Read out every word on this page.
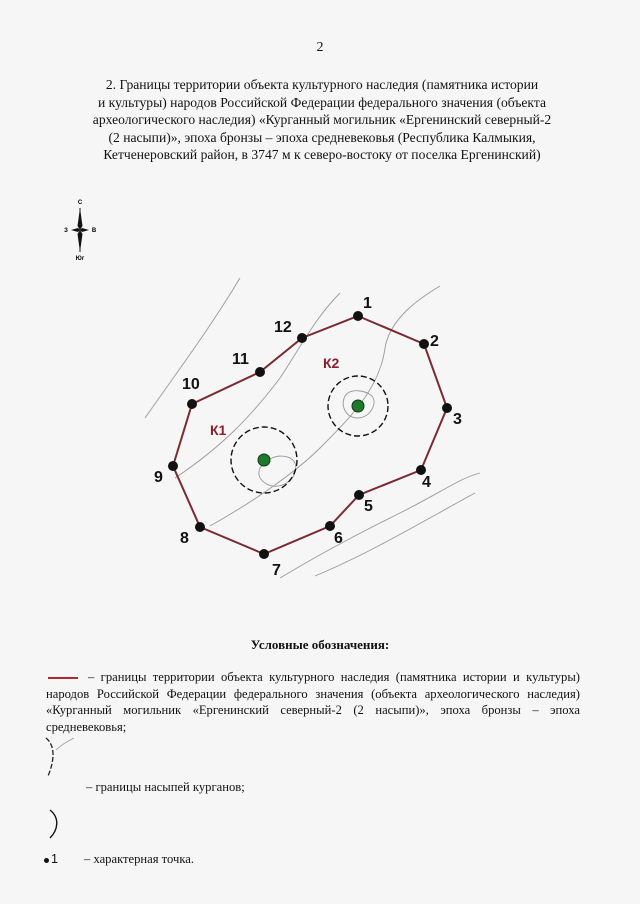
2
2. Границы территории объекта культурного наследия (памятника истории
и культуры) народов Российской Федерации федерального значения (объекта
археологического наследия) «Курганный могильник «Ергенинский северный-2
(2 насыпи)», эпоха бронзы – эпоха средневековья (Республика Калмыкия,
Кетченеровский район, в 3747 м к северо-востоку от поселка Ергенинский)
С
З	В
Юг
К1
К2
1
2
3
4
5
6
7
8
9
10
11
12
Условные обозначения:
– границы территории объекта культурного наследия (памятника истории и культуры) народов Российской Федерации федерального значения (объекта археологического наследия) «Курганный могильник «Ергенинский северный-2 (2 насыпи)», эпоха бронзы – эпоха средневековья;
– границы насыпей курганов;
1 – характерная точка.
